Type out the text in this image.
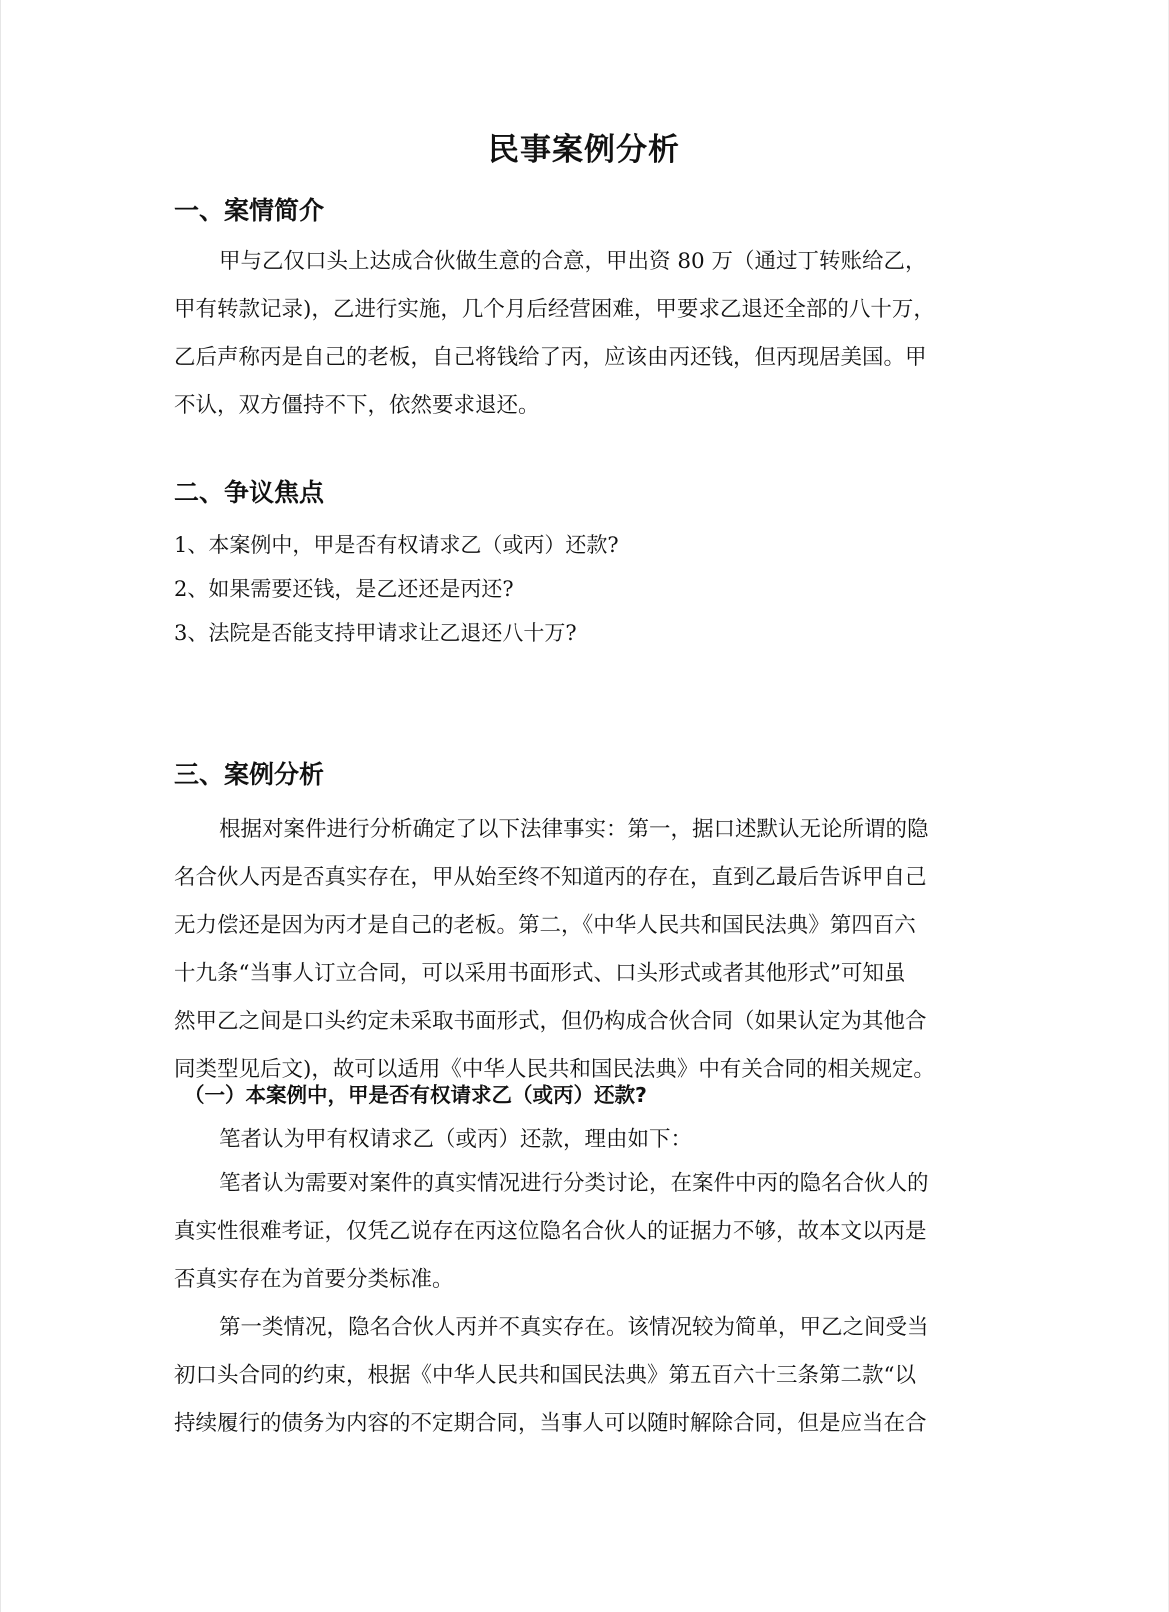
民事案例分析
一、案情简介
甲与乙仅口头上达成合伙做生意的合意，甲出资 80 万（通过丁转账给乙，
甲有转款记录)，乙进行实施，几个月后经营困难，甲要求乙退还全部的八十万，
乙后声称丙是自己的老板，自己将钱给了丙，应该由丙还钱，但丙现居美国。甲
不认，双方僵持不下，依然要求退还。
二、争议焦点
1、本案例中，甲是否有权请求乙（或丙）还款?
2、如果需要还钱，是乙还还是丙还?
3、法院是否能支持甲请求让乙退还八十万?
三、案例分析
根据对案件进行分析确定了以下法律事实：第一，据口述默认无论所谓的隐
名合伙人丙是否真实存在，甲从始至终不知道丙的存在，直到乙最后告诉甲自己
无力偿还是因为丙才是自己的老板。第二，《中华人民共和国民法典》第四百六
十九条“当事人订立合同，可以采用书面形式、口头形式或者其他形式”可知虽
然甲乙之间是口头约定未采取书面形式，但仍构成合伙合同（如果认定为其他合
同类型见后文)，故可以适用《中华人民共和国民法典》中有关合同的相关规定。
（一）本案例中，甲是否有权请求乙（或丙）还款?
笔者认为甲有权请求乙（或丙）还款，理由如下：
笔者认为需要对案件的真实情况进行分类讨论，在案件中丙的隐名合伙人的
真实性很难考证，仅凭乙说存在丙这位隐名合伙人的证据力不够，故本文以丙是
否真实存在为首要分类标准。
第一类情况，隐名合伙人丙并不真实存在。该情况较为简单，甲乙之间受当
初口头合同的约束，根据《中华人民共和国民法典》第五百六十三条第二款“以
持续履行的债务为内容的不定期合同，当事人可以随时解除合同，但是应当在合
